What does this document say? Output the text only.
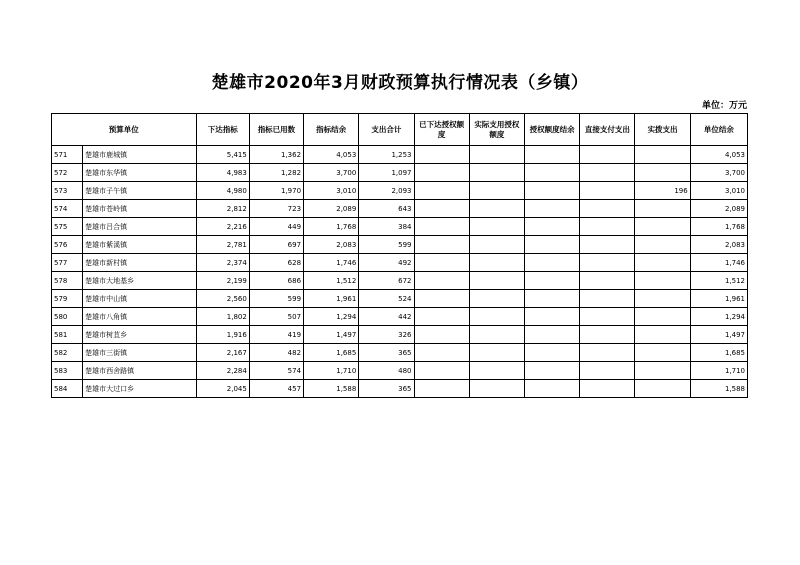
楚雄市2020年3月财政预算执行情况表（乡镇）
单位：万元
预算单位		下达指标	指标已用数	指标结余	支出合计	已下达授权额度	实际支用授权额度	授权额度结余	直接支付支出	实拨支出	单位结余
571	楚雄市鹿城镇	5,415	1,362	4,053	1,253						4,053
572	楚雄市东华镇	4,983	1,282	3,700	1,097						3,700
573	楚雄市子午镇	4,980	1,970	3,010	2,093					196	3,010
574	楚雄市苍岭镇	2,812	723	2,089	643						2,089
575	楚雄市吕合镇	2,216	449	1,768	384						1,768
576	楚雄市紫溪镇	2,781	697	2,083	599						2,083
577	楚雄市新村镇	2,374	628	1,746	492						1,746
578	楚雄市大地基乡	2,199	686	1,512	672						1,512
579	楚雄市中山镇	2,560	599	1,961	524						1,961
580	楚雄市八角镇	1,802	507	1,294	442						1,294
581	楚雄市树苴乡	1,916	419	1,497	326						1,497
582	楚雄市三街镇	2,167	482	1,685	365						1,685
583	楚雄市西舍路镇	2,284	574	1,710	480						1,710
584	楚雄市大过口乡	2,045	457	1,588	365						1,588
